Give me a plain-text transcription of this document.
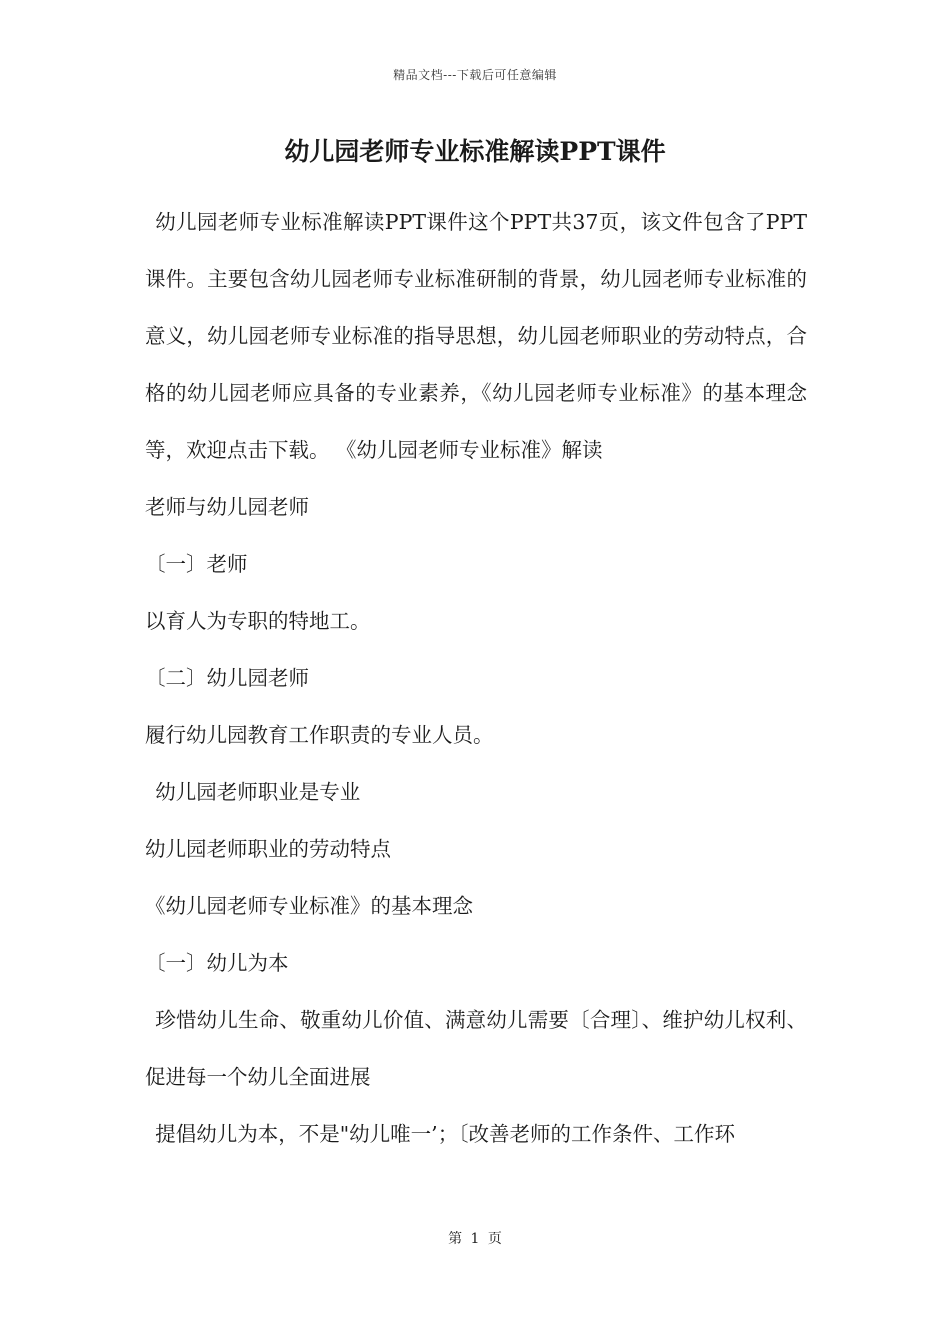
精品文档---下载后可任意编辑
幼儿园老师专业标准解读PPT课件

幼儿园老师专业标准解读PPT课件这个PPT共37页，该文件包含了PPT课件。主要包含幼儿园老师专业标准研制的背景，幼儿园老师专业标准的意义，幼儿园老师专业标准的指导思想，幼儿园老师职业的劳动特点，合格的幼儿园老师应具备的专业素养，《幼儿园老师专业标准》的基本理念等，欢迎点击下载。 《幼儿园老师专业标准》解读

老师与幼儿园老师

〔一〕老师

以育人为专职的特地工。

〔二〕幼儿园老师

履行幼儿园教育工作职责的专业人员。

幼儿园老师职业是专业

幼儿园老师职业的劳动特点

《幼儿园老师专业标准》的基本理念

〔一〕幼儿为本

珍惜幼儿生命、敬重幼儿价值、满意幼儿需要〔合理〕、维护幼儿权利、促进每一个幼儿全面进展

提倡幼儿为本，不是"幼儿唯一’；〔改善老师的工作条件、工作环

第 1 页
